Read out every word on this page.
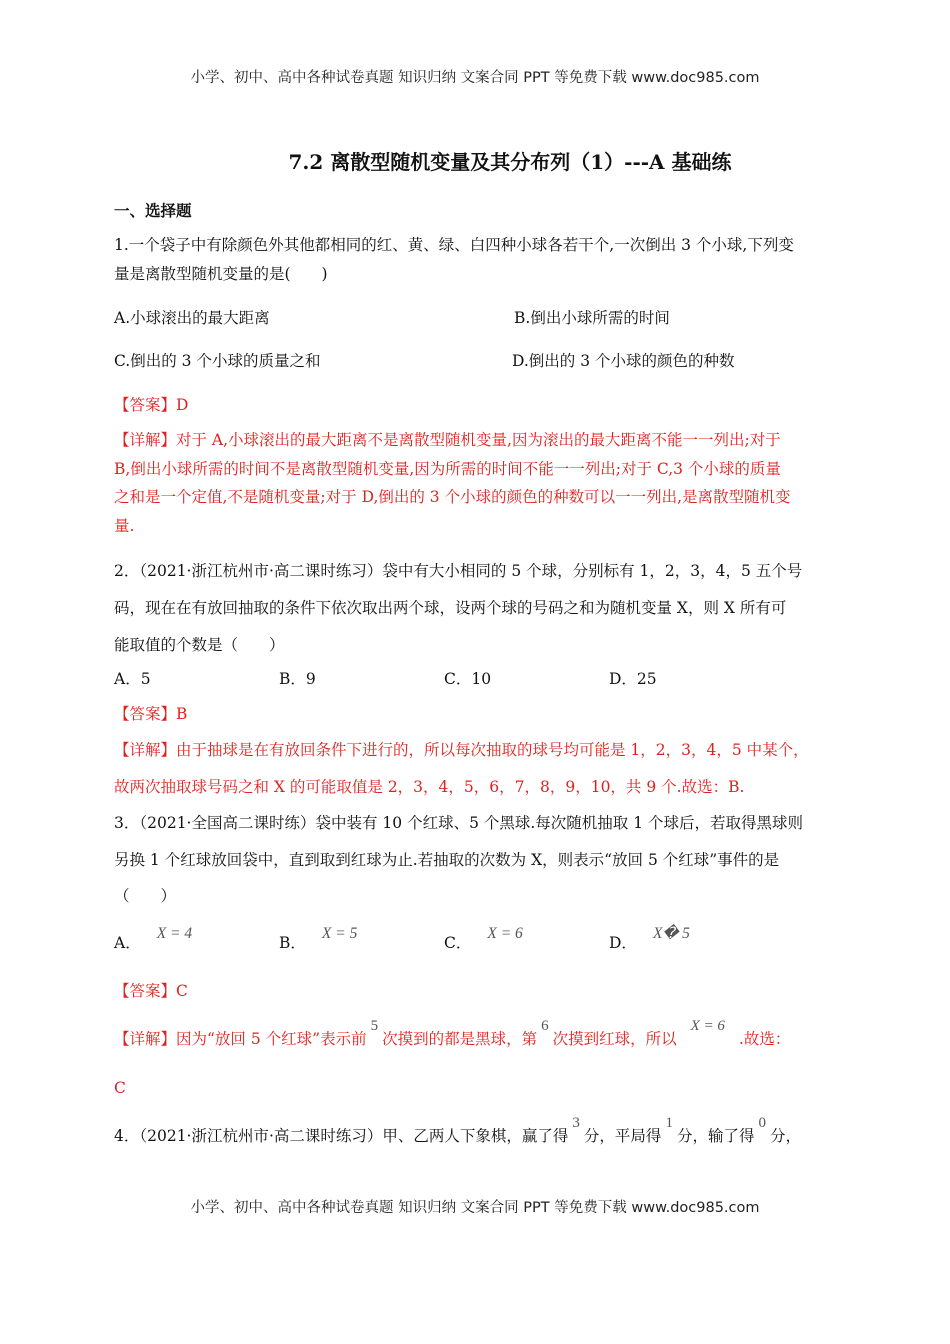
小学、初中、高中各种试卷真题 知识归纳 文案合同 PPT 等免费下载 www.doc985.com
7.2 离散型随机变量及其分布列（1）---A 基础练
一、选择题
1.一个袋子中有除颜色外其他都相同的红、黄、绿、白四种小球各若干个,一次倒出 3 个小球,下列变
量是离散型随机变量的是(　　)
A.小球滚出的最大距离	B.倒出小球所需的时间
C.倒出的 3 个小球的质量之和	D.倒出的 3 个小球的颜色的种数
【答案】D
【详解】对于 A,小球滚出的最大距离不是离散型随机变量,因为滚出的最大距离不能一一列出;对于
B,倒出小球所需的时间不是离散型随机变量,因为所需的时间不能一一列出;对于 C,3 个小球的质量
之和是一个定值,不是随机变量;对于 D,倒出的 3 个小球的颜色的种数可以一一列出,是离散型随机变
量.
2．（2021·浙江杭州市·高二课时练习）袋中有大小相同的 5 个球，分别标有 1，2，3，4，5 五个号
码，现在在有放回抽取的条件下依次取出两个球，设两个球的号码之和为随机变量 X，则 X 所有可
能取值的个数是（　　）
A．5	B．9	C．10	D．25
【答案】B
【详解】由于抽球是在有放回条件下进行的，所以每次抽取的球号均可能是 1，2，3，4，5 中某个，
故两次抽取球号码之和 X 的可能取值是 2，3，4，5，6，7，8，9，10，共 9 个.故选：B.
3．（2021·全国高二课时练）袋中装有 10 个红球、5 个黑球.每次随机抽取 1 个球后，若取得黑球则
另换 1 个红球放回袋中，直到取到红球为止.若抽取的次数为 X，则表示“放回 5 个红球”事件的是
（　　）
A．X = 4
B．X = 5
C．X = 6
D．X� 5
【答案】C
【详解】因为“放回 5 个红球”表示前5次摸到的都是黑球，第6次摸到红球，所以X = 6.故选：
C
4．（2021·浙江杭州市·高二课时练习）甲、乙两人下象棋，赢了得3分，平局得1分，输了得0分，
小学、初中、高中各种试卷真题 知识归纳 文案合同 PPT 等免费下载 www.doc985.com
